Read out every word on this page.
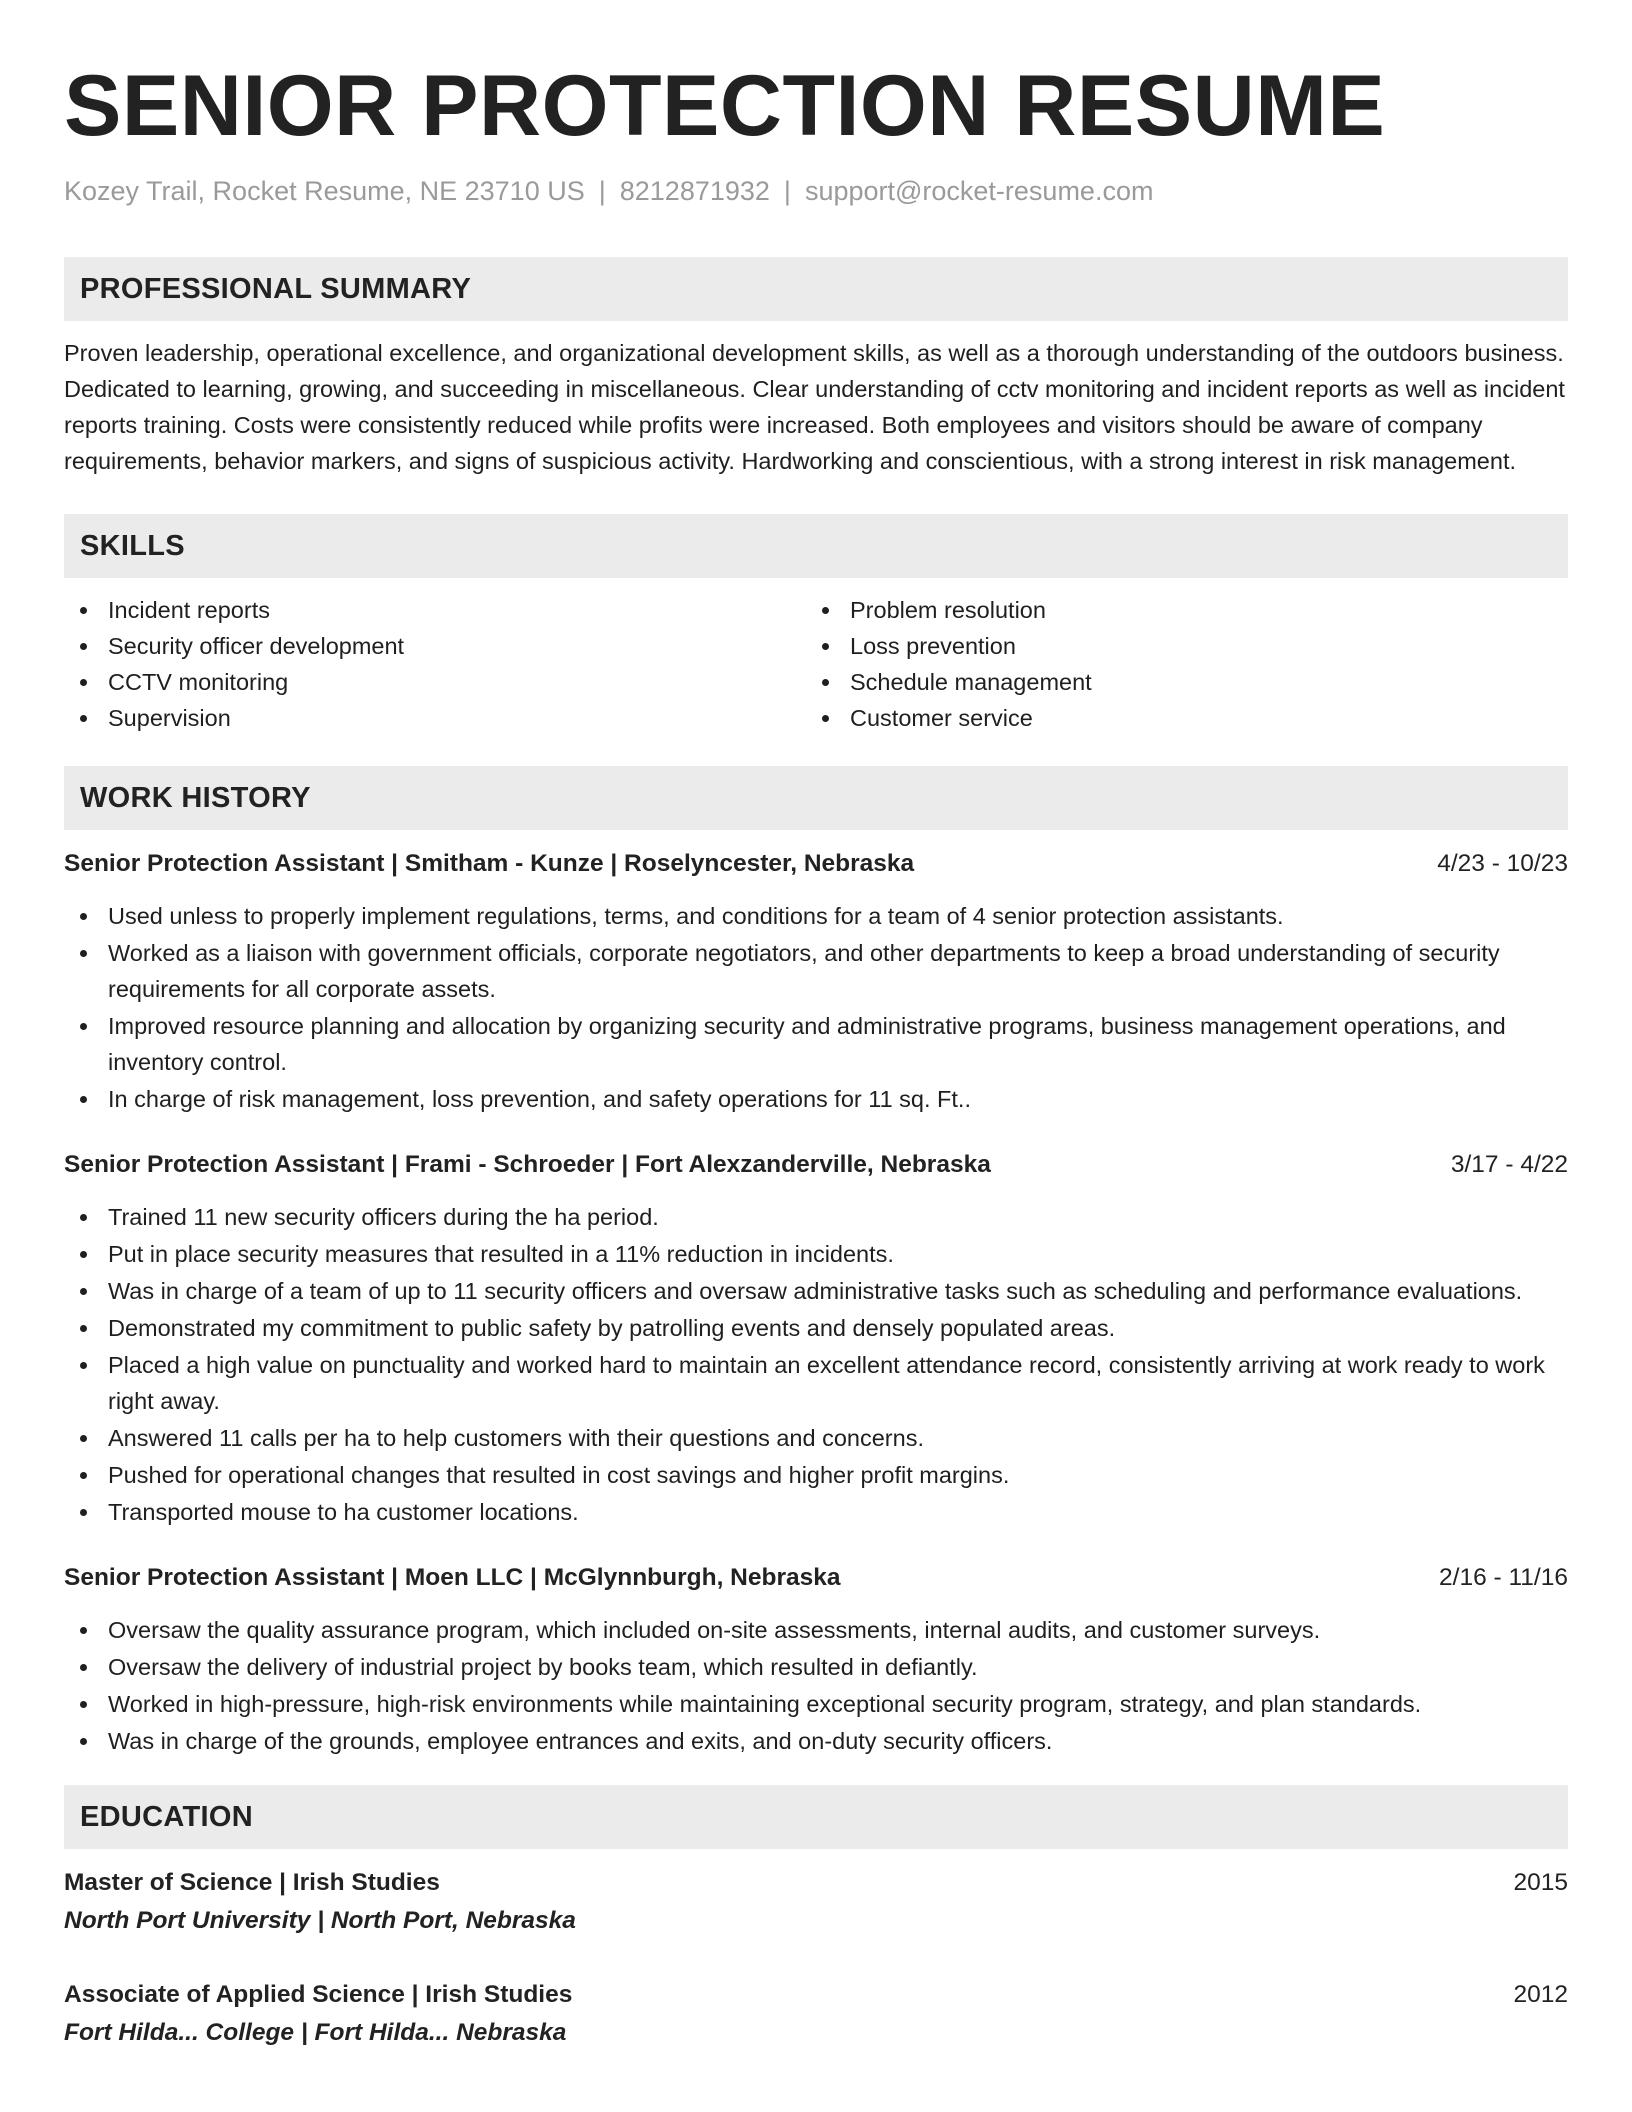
SENIOR PROTECTION RESUME
Kozey Trail, Rocket Resume, NE 23710 US | 8212871932 | support@rocket-resume.com
PROFESSIONAL SUMMARY
Proven leadership, operational excellence, and organizational development skills, as well as a thorough understanding of the outdoors business. Dedicated to learning, growing, and succeeding in miscellaneous. Clear understanding of cctv monitoring and incident reports as well as incident reports training. Costs were consistently reduced while profits were increased. Both employees and visitors should be aware of company requirements, behavior markers, and signs of suspicious activity. Hardworking and conscientious, with a strong interest in risk management.
SKILLS
Incident reports
Security officer development
CCTV monitoring
Supervision
Problem resolution
Loss prevention
Schedule management
Customer service
WORK HISTORY
Senior Protection Assistant | Smitham - Kunze | Roselyncester, Nebraska	4/23 - 10/23
Used unless to properly implement regulations, terms, and conditions for a team of 4 senior protection assistants.
Worked as a liaison with government officials, corporate negotiators, and other departments to keep a broad understanding of security requirements for all corporate assets.
Improved resource planning and allocation by organizing security and administrative programs, business management operations, and inventory control.
In charge of risk management, loss prevention, and safety operations for 11 sq. Ft..
Senior Protection Assistant | Frami - Schroeder | Fort Alexzanderville, Nebraska	3/17 - 4/22
Trained 11 new security officers during the ha period.
Put in place security measures that resulted in a 11% reduction in incidents.
Was in charge of a team of up to 11 security officers and oversaw administrative tasks such as scheduling and performance evaluations.
Demonstrated my commitment to public safety by patrolling events and densely populated areas.
Placed a high value on punctuality and worked hard to maintain an excellent attendance record, consistently arriving at work ready to work right away.
Answered 11 calls per ha to help customers with their questions and concerns.
Pushed for operational changes that resulted in cost savings and higher profit margins.
Transported mouse to ha customer locations.
Senior Protection Assistant | Moen LLC | McGlynnburgh, Nebraska	2/16 - 11/16
Oversaw the quality assurance program, which included on-site assessments, internal audits, and customer surveys.
Oversaw the delivery of industrial project by books team, which resulted in defiantly.
Worked in high-pressure, high-risk environments while maintaining exceptional security program, strategy, and plan standards.
Was in charge of the grounds, employee entrances and exits, and on-duty security officers.
EDUCATION
Master of Science | Irish Studies	2015
North Port University | North Port, Nebraska
Associate of Applied Science | Irish Studies	2012
Fort Hilda... College | Fort Hilda... Nebraska
